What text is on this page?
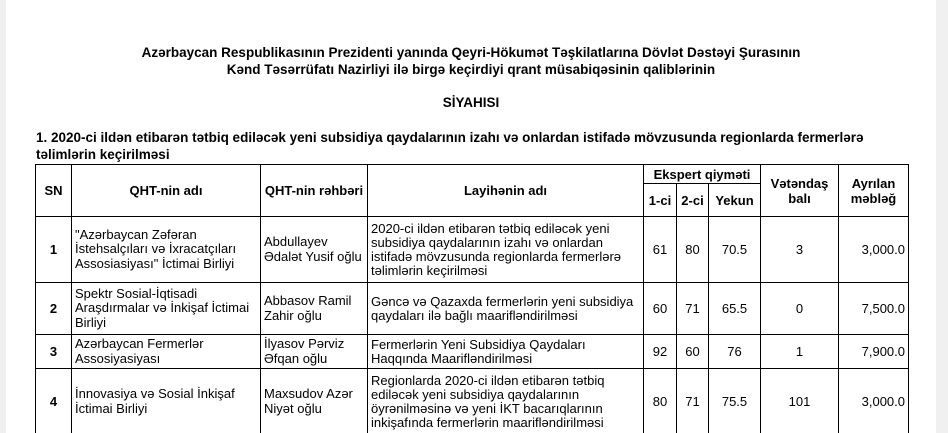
Azərbaycan Respublikasının Prezidenti yanında Qeyri-Hökumət Təşkilatlarına Dövlət Dəstəyi Şurasının
Kənd Təsərrüfatı Nazirliyi ilə birgə keçirdiyi qrant müsabiqəsinin qaliblərinin
SİYAHISI
1. 2020-ci ildən etibarən tətbiq ediləcək yeni subsidiya qaydalarının izahı və onlardan istifadə mövzusunda regionlarda fermerlərə təlimlərin keçirilməsi
SN	QHT-nin adı	QHT-nin rəhbəri	Layihənin adı	Ekspert qiyməti			Vətəndaş balı	Ayrılan məbləğ
				1-ci	2-ci	Yekun		
1	"Azərbaycan Zəfəran İstehsalçıları və İxracatçıları Assosiasiyası" İctimai Birliyi	Abdullayev Ədalət Yusif oğlu	2020-ci ildən etibarən tətbiq ediləcək yeni subsidiya qaydalarının izahı və onlardan istifadə mövzusunda regionlarda fermerlərə təlimlərin keçirilməsi	61	80	70.5	3	3,000.0
2	Spektr Sosial-İqtisadi Araşdırmalar və İnkişaf İctimai Birliyi	Abbasov Ramil Zahir oğlu	Gəncə və Qazaxda fermerlərin yeni subsidiya qaydaları ilə bağlı maarifləndirilməsi	60	71	65.5	0	7,500.0
3	Azərbaycan Fermerlər Assosiyasiyası	İlyasov Pərviz Əfqan oğlu	Fermerlərin Yeni Subsidiya Qaydaları Haqqında Maarifləndirilməsi	92	60	76	1	7,900.0
4	İnnovasiya və Sosial İnkişaf İctimai Birliyi	Maxsudov Azər Niyət oğlu	Regionlarda 2020-ci ildən etibarən tətbiq ediləcək yeni subsidiya qaydalarının öyrənilməsinə və yeni İKT bacarıqlarının inkişafında fermerlərin maarifləndirilməsi	80	71	75.5	101	3,000.0
